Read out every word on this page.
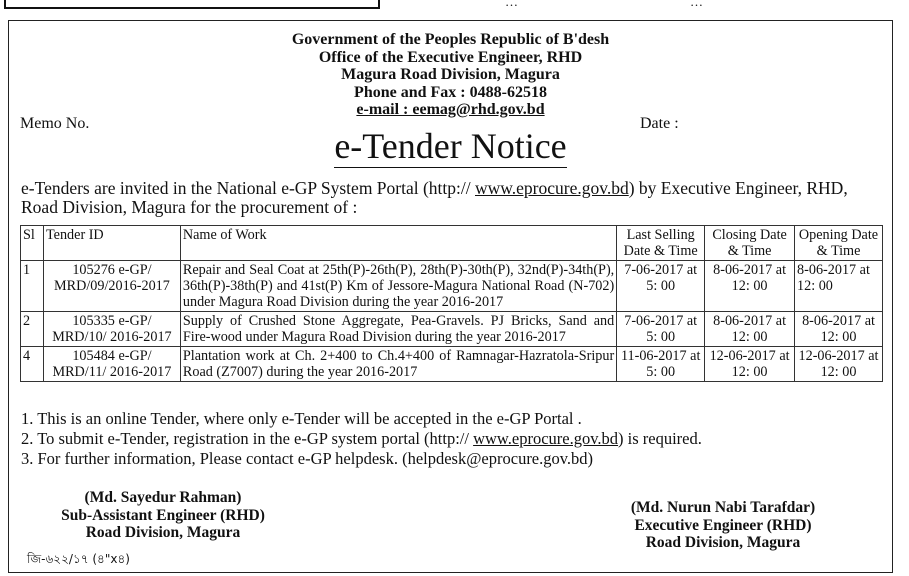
…	…
Government of the Peoples Republic of B'desh
Office of the Executive Engineer, RHD
Magura Road Division, Magura
Phone and Fax : 0488-62518
e-mail : eemag@rhd.gov.bd
Memo No.	Date :
e-Tender Notice
e-Tenders are invited in the National e-GP System Portal (http:// www.eprocure.gov.bd) by Executive Engineer, RHD, Road Division, Magura for the procurement of :
Sl	Tender ID	Name of Work	Last Selling Date & Time	Closing Date & Time	Opening Date & Time
1	105276 e-GP/ MRD/09/2016-2017	Repair and Seal Coat at 25th(P)-26th(P), 28th(P)-30th(P), 32nd(P)-34th(P), 36th(P)-38th(P) and 41st(P) Km of Jessore-Magura National Road (N-702) under Magura Road Division during the year 2016-2017	7-06-2017 at 5: 00	8-06-2017 at 12: 00	8-06-2017 at 12: 00
2	105335 e-GP/ MRD/10/ 2016-2017	Supply of Crushed Stone Aggregate, Pea-Gravels. PJ Bricks, Sand and Fire-wood under Magura Road Division during the year 2016-2017	7-06-2017 at 5: 00	8-06-2017 at 12: 00	8-06-2017 at 12: 00
4	105484 e-GP/ MRD/11/ 2016-2017	Plantation work at Ch. 2+400 to Ch.4+400 of Ramnagar-Hazratola-Sripur Road (Z7007) during the year 2016-2017	11-06-2017 at 5: 00	12-06-2017 at 12: 00	12-06-2017 at 12: 00
1. This is an online Tender, where only e-Tender will be accepted in the e-GP Portal .
2. To submit e-Tender, registration in the e-GP system portal (http:// www.eprocure.gov.bd) is required.
3. For further information, Please contact e-GP helpdesk. (helpdesk@eprocure.gov.bd)
(Md. Sayedur Rahman)
Sub-Assistant Engineer (RHD)
Road Division, Magura
(Md. Nurun Nabi Tarafdar)
Executive Engineer (RHD)
Road Division, Magura
জি-৬২২/১৭ (৪"x৪)
